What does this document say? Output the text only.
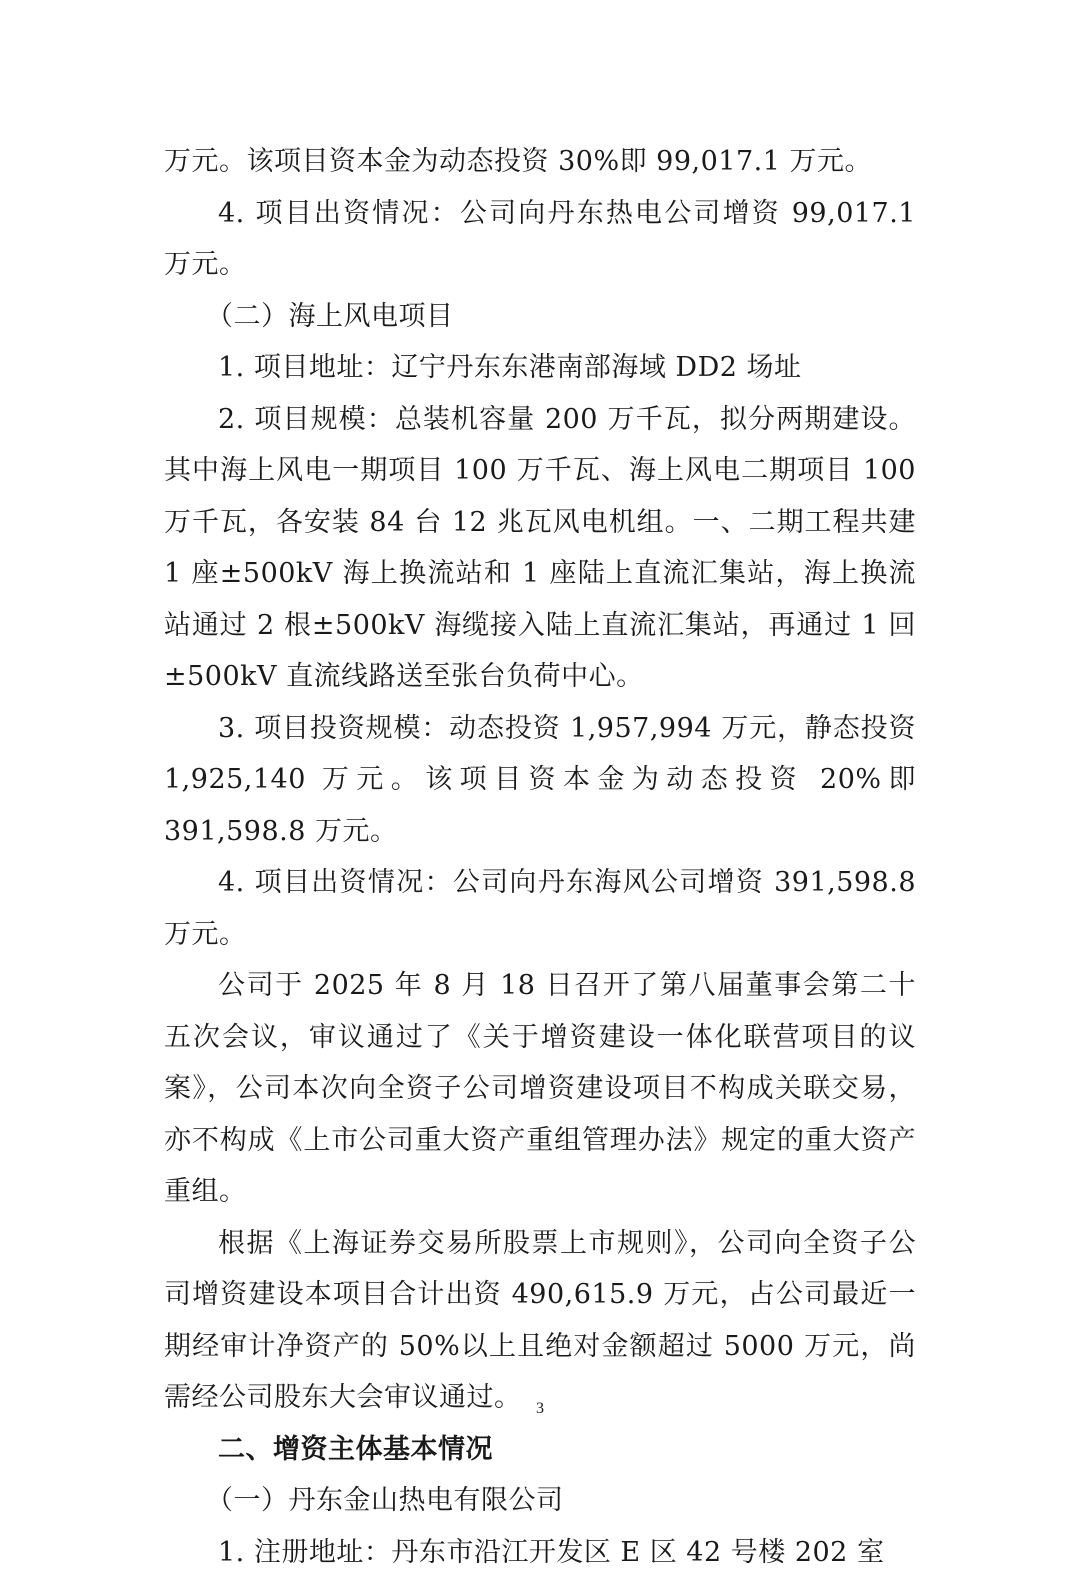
万元。该项目资本金为动态投资 30%即 99,017.1 万元。

4. 项目出资情况：公司向丹东热电公司增资 99,017.1 万元。

（二）海上风电项目

1. 项目地址：辽宁丹东东港南部海域 DD2 场址

2. 项目规模：总装机容量 200 万千瓦，拟分两期建设。其中海上风电一期项目 100 万千瓦、海上风电二期项目 100 万千瓦，各安装 84 台 12 兆瓦风电机组。一、二期工程共建 1 座±500kV 海上换流站和 1 座陆上直流汇集站，海上换流站通过 2 根±500kV 海缆接入陆上直流汇集站，再通过 1 回±500kV 直流线路送至张台负荷中心。

3. 项目投资规模：动态投资 1,957,994 万元，静态投资 1,925,140 万元。该项目资本金为动态投资 20%即 391,598.8 万元。

4. 项目出资情况：公司向丹东海风公司增资 391,598.8 万元。

公司于 2025 年 8 月 18 日召开了第八届董事会第二十五次会议，审议通过了《关于增资建设一体化联营项目的议案》，公司本次向全资子公司增资建设项目不构成关联交易，亦不构成《上市公司重大资产重组管理办法》规定的重大资产重组。

根据《上海证券交易所股票上市规则》，公司向全资子公司增资建设本项目合计出资 490,615.9 万元，占公司最近一期经审计净资产的 50%以上且绝对金额超过 5000 万元，尚需经公司股东大会审议通过。

二、增资主体基本情况

（一）丹东金山热电有限公司

1. 注册地址：丹东市沿江开发区 E 区 42 号楼 202 室

3
